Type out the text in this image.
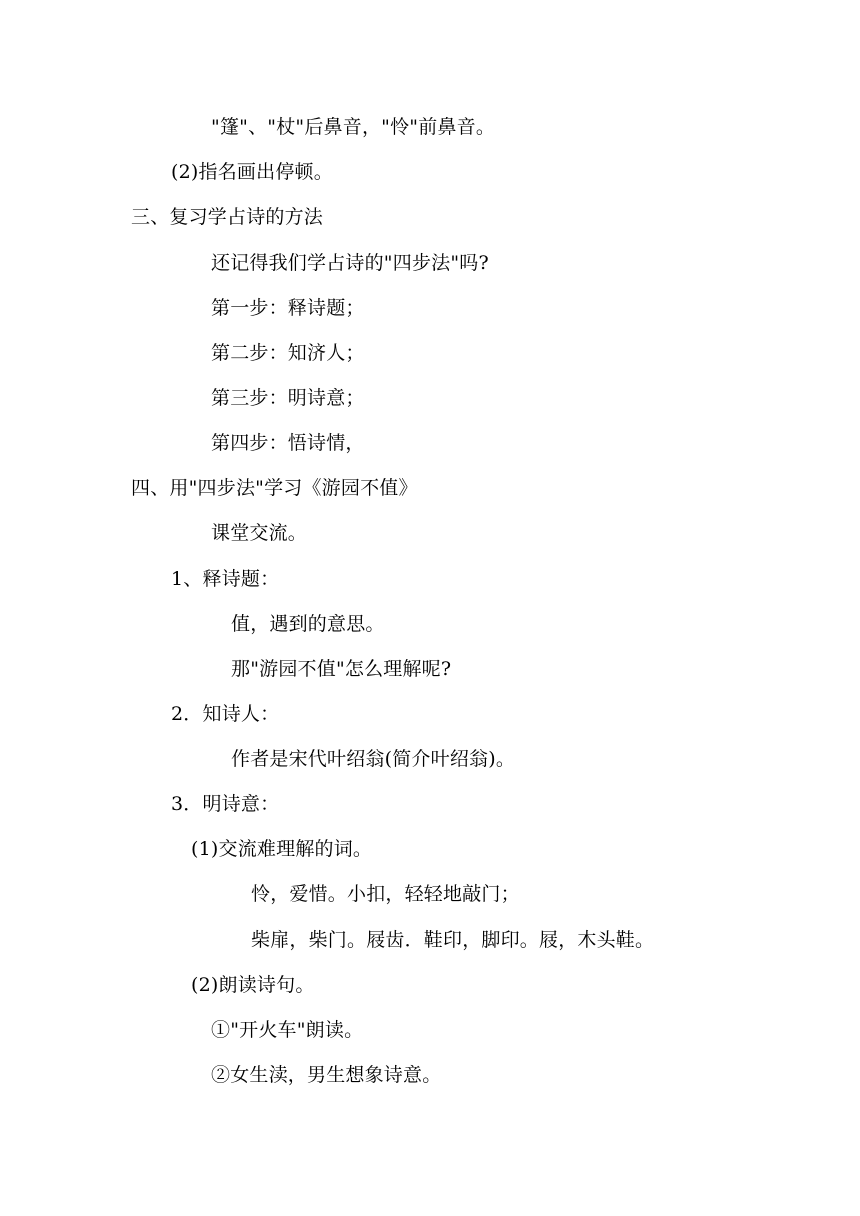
"篷"、"杖"后鼻音，"怜"前鼻音。
(2)指名画出停顿。
三、复习学占诗的方法
还记得我们学占诗的"四步法"吗?
第一步：释诗题；
第二步：知济人；
第三步：明诗意；
第四步：悟诗情，
四、用"四步法"学习《游园不值》
课堂交流。
1、释诗题：
值，遇到的意思。
那"游园不值"怎么理解呢?
2．知诗人：
作者是宋代叶绍翁(简介叶绍翁)。
3．明诗意：
(1)交流难理解的词。
怜，爱惜。小扣，轻轻地敲门；
柴扉，柴门。屐齿．鞋印，脚印。屐，木头鞋。
(2)朗读诗句。
①"开火车"朗读。
②女生渎，男生想象诗意。
